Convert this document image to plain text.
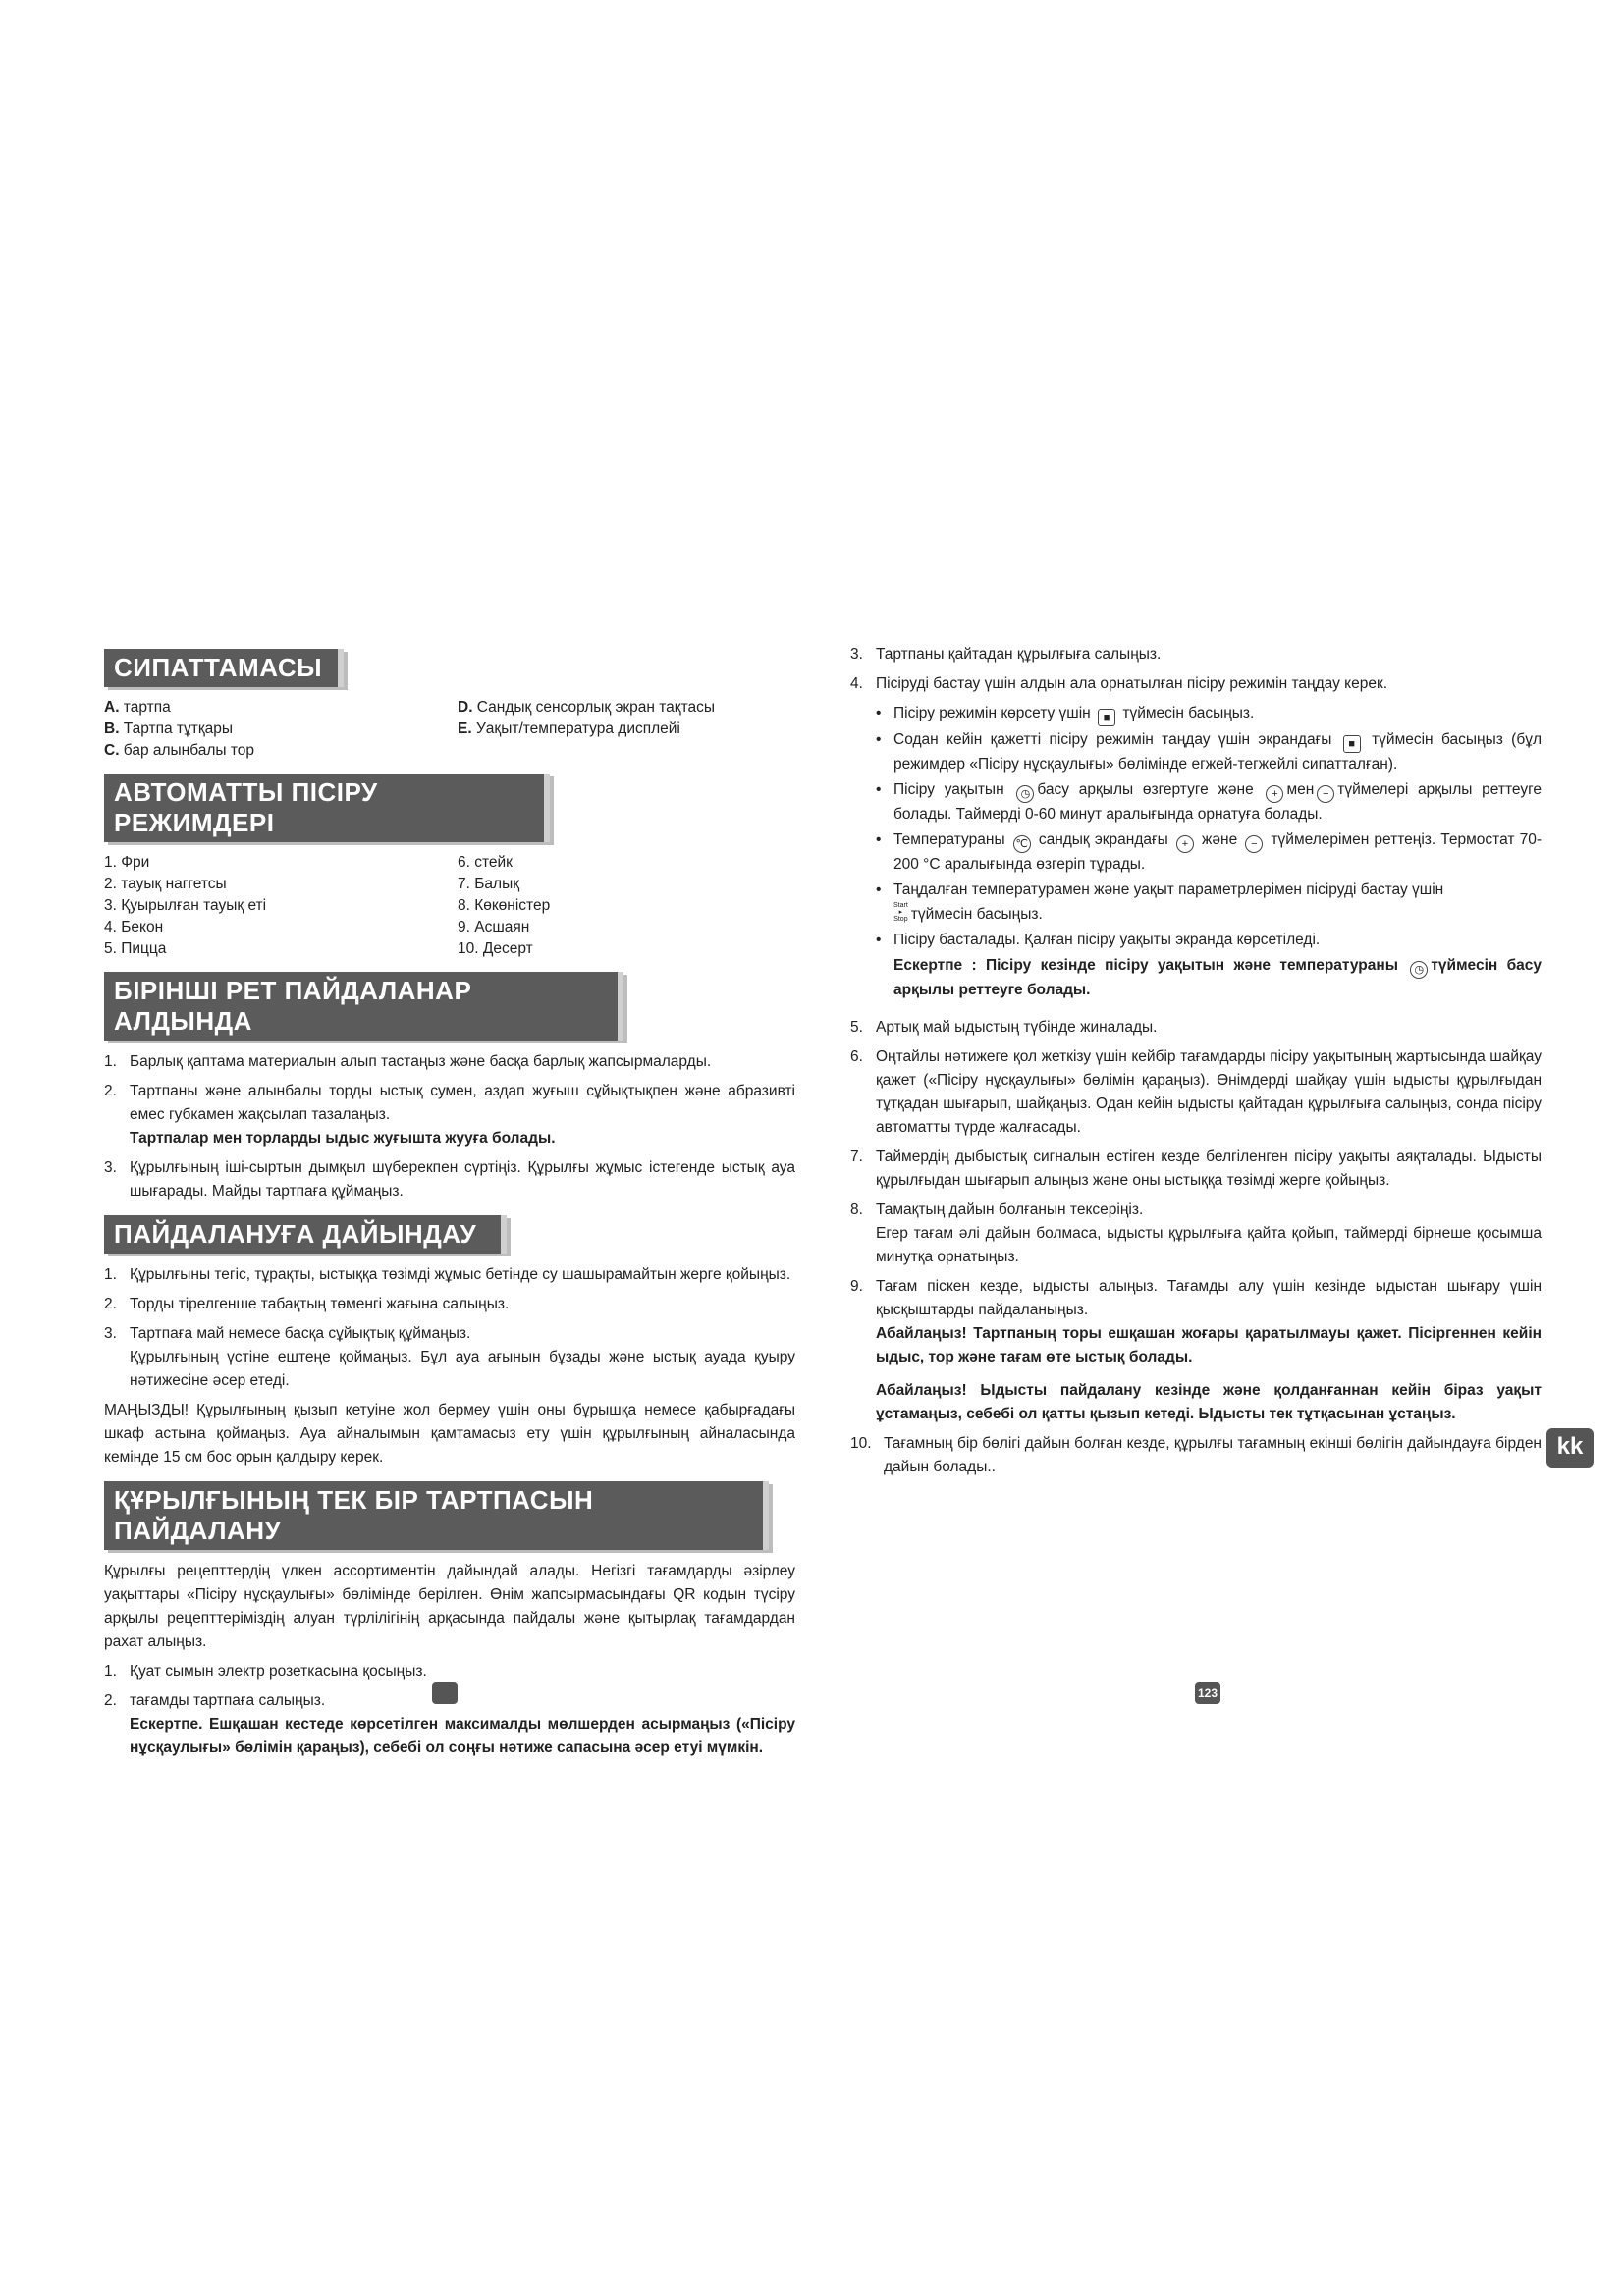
СИПАТТАМАСЫ
A. тартпа	D. Сандық сенсорлық экран тақтасы
B. Тартпа тұтқары	E. Уақыт/температура дисплейі
C. бар алынбалы тор
АВТОМАТТЫ ПІСІРУ РЕЖИМДЕРІ
1. Фри	6. стейк
2. тауық наггетсы	7. Балық
3. Қуырылған тауық еті	8. Көкөністер
4. Бекон	9. Асшаян
5. Пицца	10. Десерт
БІРІНШІ РЕТ ПАЙДАЛАНАР АЛДЫНДА
1. Барлық қаптама материалын алып тастаңыз және басқа барлық жапсырмаларды.
2. Тартпаны және алынбалы торды ыстық сумен, аздап жуғыш сұйықтықпен және абразивті емес губкамен жақсылап тазалаңыз.
Тартпалар мен торларды ыдыс жуғышта жууға болады.
3. Құрылғының іші-сыртын дымқыл шүберекпен сүртіңіз. Құрылғы жұмыс істегенде ыстық ауа шығарады. Майды тартпаға құймаңыз.
ПАЙДАЛАНУҒА ДАЙЫНДАУ
1. Құрылғыны тегіс, тұрақты, ыстыққа төзімді жұмыс бетінде су шашырамайтын жерге қойыңыз.
2. Торды тірелгенше табақтың төменгі жағына салыңыз.
3. Тартпаға май немесе басқа сұйықтық құймаңыз.
Құрылғының үстіне ештеңе қоймаңыз. Бұл ауа ағынын бұзады және ыстық ауада қуыру нәтижесіне әсер етеді.

МАҢЫЗДЫ! Құрылғының қызып кетуіне жол бермеу үшін оны бұрышқа немесе қабырғадағы шкаф астына қоймаңыз. Ауа айналымын қамтамасыз ету үшін құрылғының айналасында кемінде 15 см бос орын қалдыру керек.

ҚҰРЫЛҒЫНЫҢ ТЕК БІР ТАРТПАСЫН ПАЙДАЛАНУ

Құрылғы рецепттердің үлкен ассортиментін дайындай алады. Негізгі тағамдарды әзірлеу уақыттары «Пісіру нұсқаулығы» бөлімінде берілген. Өнім жапсырмасындағы QR кодын түсіру арқылы рецепттеріміздің алуан түрлілігінің арқасында пайдалы және қытырлақ тағамдардан рахат алыңыз.

1. Қуат сымын электр розеткасына қосыңыз.
2. тағамды тартпаға салыңыз.
Ескертпе. Ешқашан кестеде көрсетілген максималды мөлшерден асырмаңыз («Пісіру нұсқаулығы» бөлімін қараңыз), себебі ол соңғы нәтиже сапасына әсер етуі мүмкін.
3. Тартпаны қайтадан құрылғыға салыңыз.
4. Пісіруді бастау үшін алдын ала орнатылған пісіру режимін таңдау керек.
• Пісіру режимін көрсету үшін ■ түймесін басыңыз.
• Содан кейін қажетті пісіру режимін таңдау үшін экрандағы ■ түймесін басыңыз (бұл режимдер «Пісіру нұсқаулығы» бөлімінде егжей-тегжейлі сипатталған).
• Пісіру уақытын ◷ басу арқылы өзгертуге және + мен − түймелері арқылы реттеуге болады. Таймерді 0-60 минут аралығында орнатуға болады.
• Температураны ℃ сандық экрандағы + және − түймелерімен реттеңіз. Термостат 70-200 °C аралығында өзгеріп тұрады.
• Таңдалған температурамен және уақыт параметрлерімен пісіруді бастау үшін
Start
▸
Stop түймесін басыңыз.
• Пісіру басталады. Қалған пісіру уақыты экранда көрсетіледі.
Ескертпе : Пісіру кезінде пісіру уақытын және температураны ◷ түймесін басу арқылы реттеуге болады.
5. Артық май ыдыстың түбінде жиналады.
6. Оңтайлы нәтижеге қол жеткізу үшін кейбір тағамдарды пісіру уақытының жартысында шайқау қажет («Пісіру нұсқаулығы» бөлімін қараңыз). Өнімдерді шайқау үшін ыдысты құрылғыдан тұтқадан шығарып, шайқаңыз. Одан кейін ыдысты қайтадан құрылғыға салыңыз, сонда пісіру автоматты түрде жалғасады.
7. Таймердің дыбыстық сигналын естіген кезде белгіленген пісіру уақыты аяқталады. Ыдысты құрылғыдан шығарып алыңыз және оны ыстыққа төзімді жерге қойыңыз.
8. Тамақтың дайын болғанын тексеріңіз.
Егер тағам әлі дайын болмаса, ыдысты құрылғыға қайта қойып, таймерді бірнеше қосымша минутқа орнатыңыз.
9. Тағам піскен кезде, ыдысты алыңыз. Тағамды алу үшін кезінде ыдыстан шығару үшін қысқыштарды пайдаланыңыз.
Абайлаңыз! Тартпаның торы ешқашан жоғары қаратылмауы қажет. Пісіргеннен кейін ыдыс, тор және тағам өте ыстық болады.

Абайлаңыз! Ыдысты пайдалану кезінде және қолданғаннан кейін біраз уақыт ұстамаңыз, себебі ол қатты қызып кетеді. Ыдысты тек тұтқасынан ұстаңыз.
10. Тағамның бір бөлігі дайын болған кезде, құрылғы тағамның екінші бөлігін дайындауға бірден дайын болады..
123
kk
